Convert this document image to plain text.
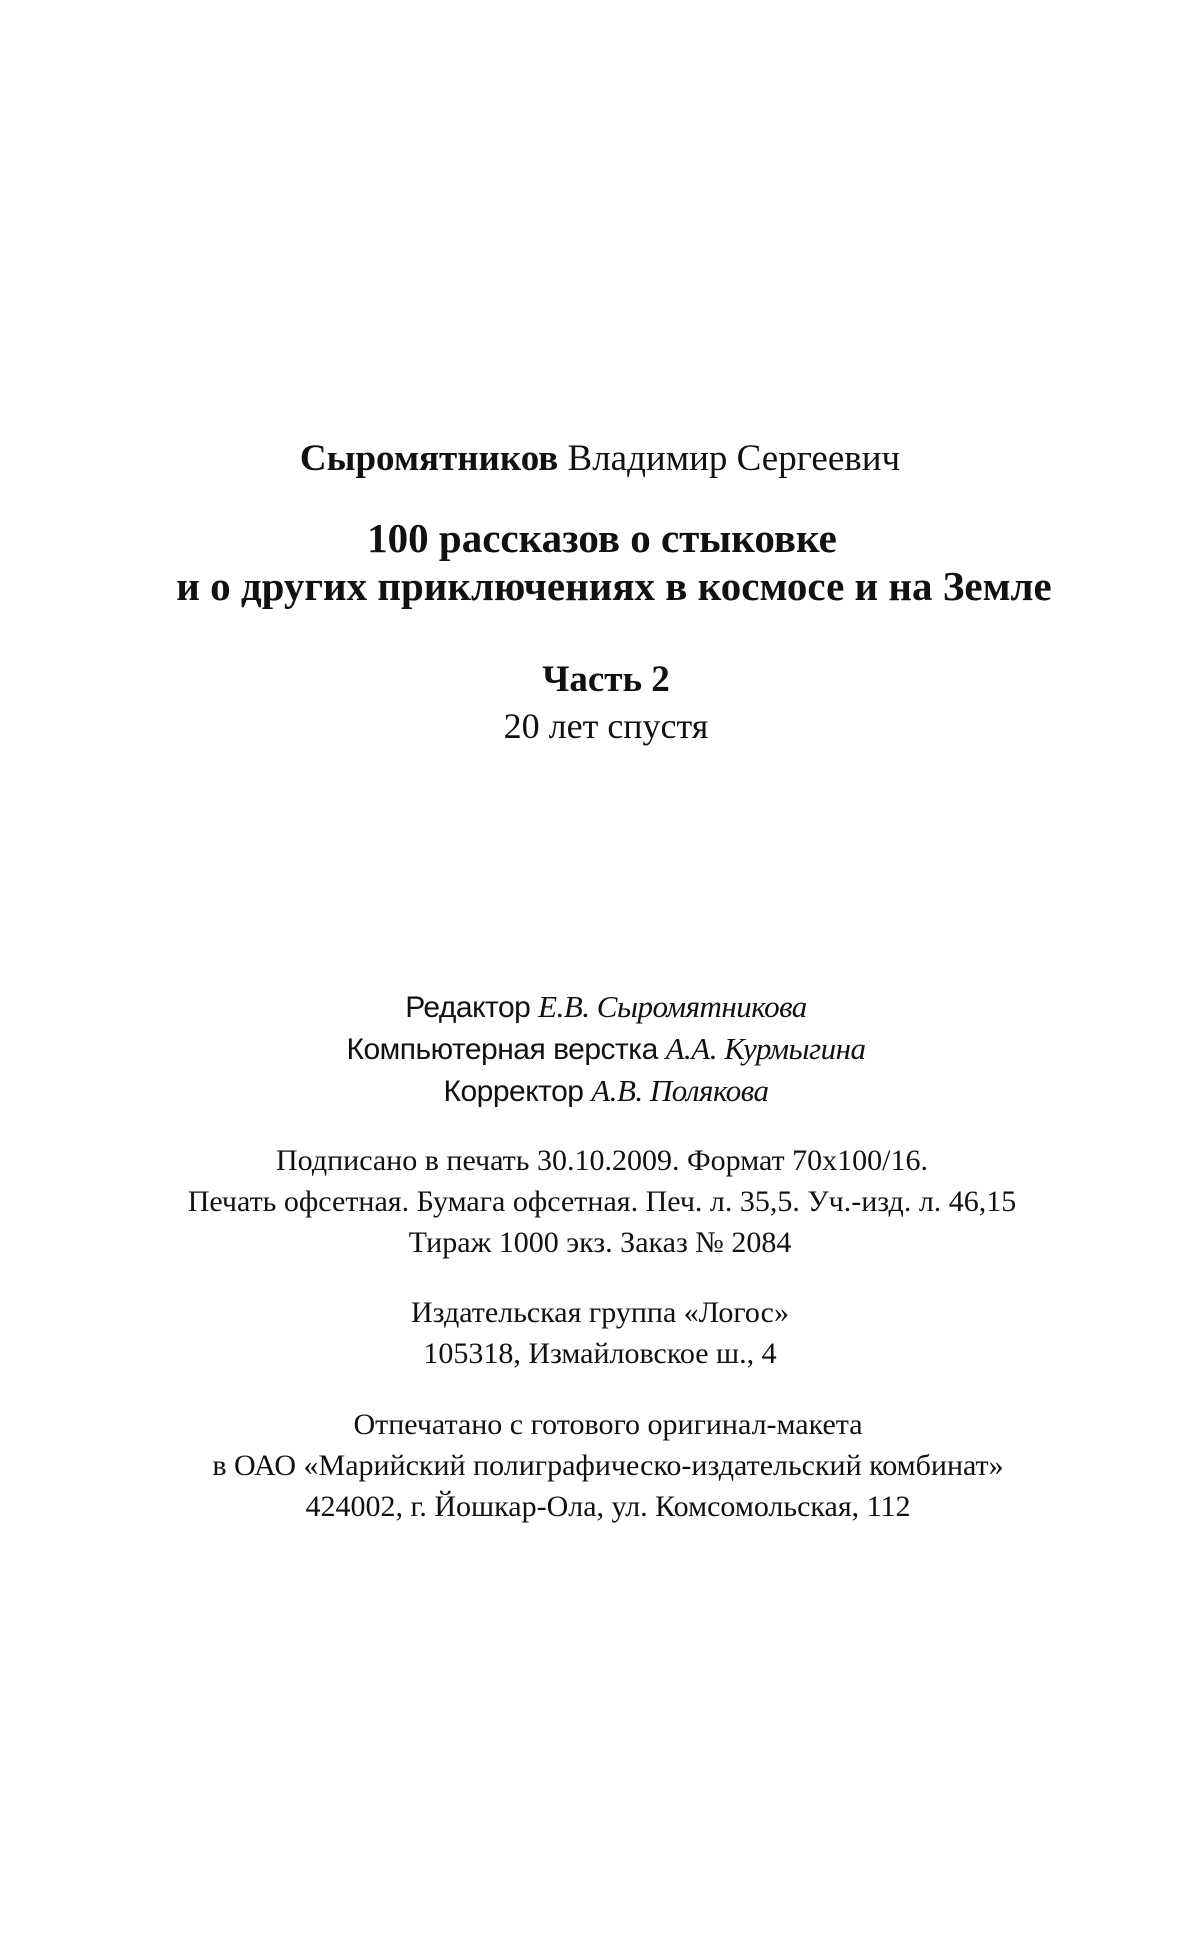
Сыромятников Владимир Сергеевич
100 рассказов о стыковке
и о других приключениях в космосе и на Земле
Часть 2
20 лет спустя
Редактор Е.В. Сыромятникова
Компьютерная верстка А.А. Курмыгина
Корректор А.В. Полякова
Подписано в печать 30.10.2009. Формат 70х100/16.
Печать офсетная. Бумага офсетная. Печ. л. 35,5. Уч.-изд. л. 46,15
Тираж 1000 экз. Заказ № 2084
Издательская группа «Логос»
105318, Измайловское ш., 4
Отпечатано с готового оригинал-макета
в ОАО «Марийский полиграфическо-издательский комбинат»
424002, г. Йошкар-Ола, ул. Комсомольская, 112
